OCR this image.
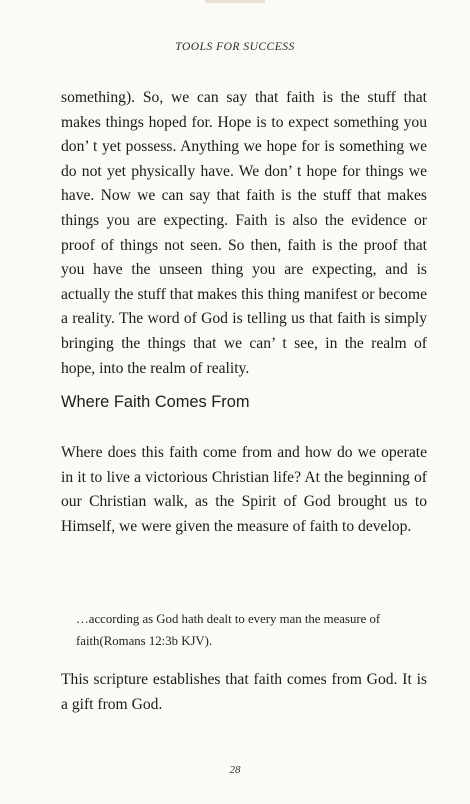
TOOLS FOR SUCCESS

something). So, we can say that faith is the stuff that makes things hoped for. Hope is to expect something you don’ t yet possess. Anything we hope for is something we do not yet physically have. We don’ t hope for things we have. Now we can say that faith is the stuff that makes things you are expecting. Faith is also the evidence or proof of things not seen. So then, faith is the proof that you have the unseen thing you are expecting, and is actually the stuff that makes this thing manifest or become a reality. The word of God is telling us that faith is simply bringing the things that we can’ t see, in the realm of hope, into the realm of reality.

Where Faith Comes From

Where does this faith come from and how do we operate in it to live a victorious Christian life? At the beginning of our Christian walk, as the Spirit of God brought us to Himself, we were given the measure of faith to develop.

…according as God hath dealt to every man the measure of faith(Romans 12:3b KJV).

This scripture establishes that faith comes from God. It is a gift from God.

28
